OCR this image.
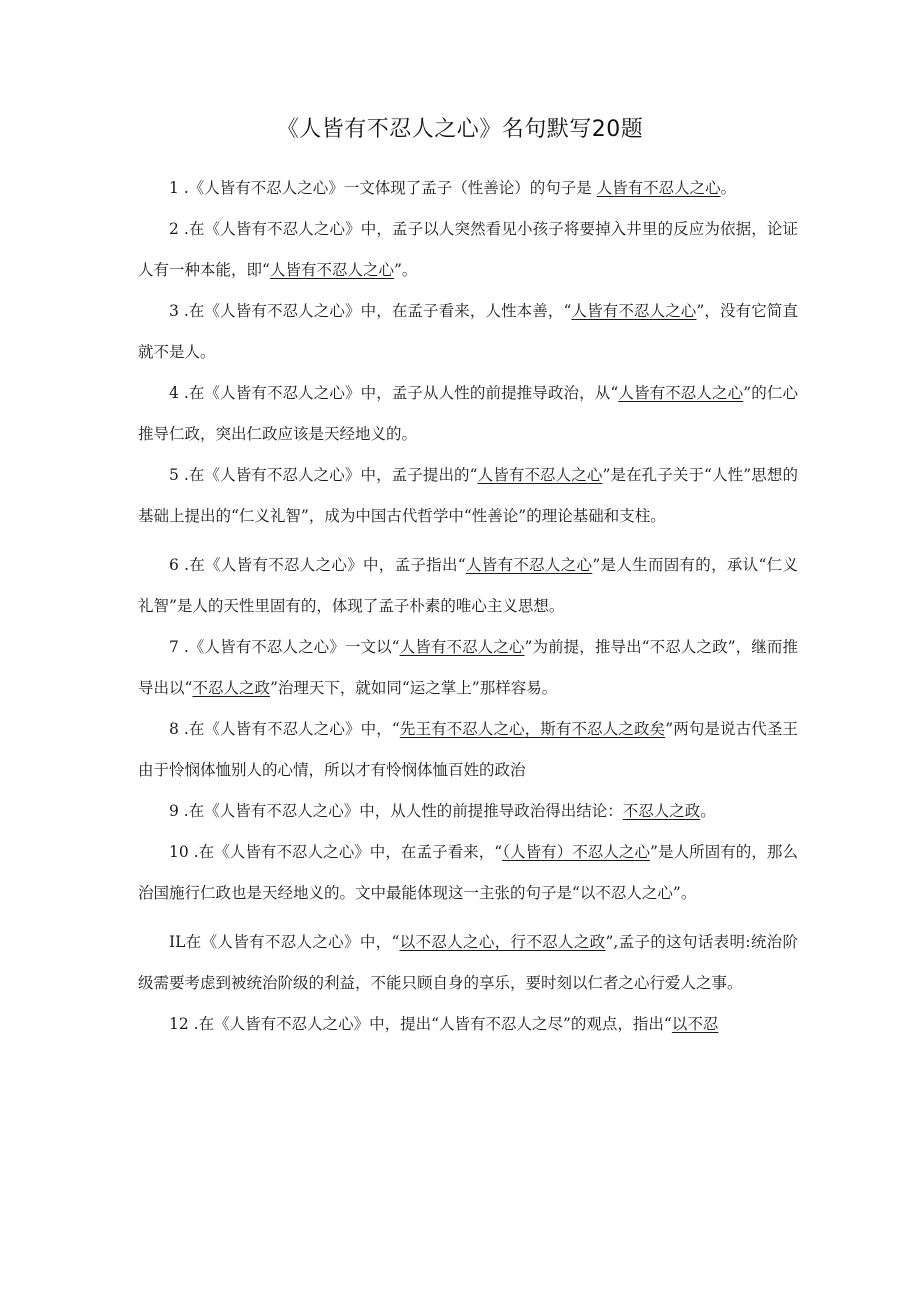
《人皆有不忍人之心》名句默写20题

1 .《人皆有不忍人之心》一文体现了孟子（性善论）的句子是 人皆有不忍人之心。

2 .在《人皆有不忍人之心》中，孟子以人突然看见小孩子将要掉入井里的反应为依据，论证人有一种本能，即“人皆有不忍人之心”。

3 .在《人皆有不忍人之心》中，在孟子看来，人性本善，“人皆有不忍人之心”，没有它简直就不是人。

4 .在《人皆有不忍人之心》中，孟子从人性的前提推导政治，从“人皆有不忍人之心”的仁心推导仁政，突出仁政应该是天经地义的。

5 .在《人皆有不忍人之心》中，孟子提出的“人皆有不忍人之心”是在孔子关于“人性”思想的基础上提出的“仁义礼智”，成为中国古代哲学中“性善论”的理论基础和支柱。

6 .在《人皆有不忍人之心》中，孟子指出“人皆有不忍人之心”是人生而固有的，承认“仁义礼智”是人的天性里固有的，体现了孟子朴素的唯心主义思想。

7 .《人皆有不忍人之心》一文以“人皆有不忍人之心”为前提，推导出“不忍人之政”，继而推导出以“不忍人之政”治理天下，就如同“运之掌上”那样容易。

8 .在《人皆有不忍人之心》中，“先王有不忍人之心，斯有不忍人之政矣”两句是说古代圣王由于怜悯体恤别人的心情，所以才有怜悯体恤百姓的政治

9 .在《人皆有不忍人之心》中，从人性的前提推导政治得出结论：不忍人之政。

10 .在《人皆有不忍人之心》中，在孟子看来，“（人皆有）不忍人之心”是人所固有的，那么治国施行仁政也是天经地义的。文中最能体现这一主张的句子是“以不忍人之心”。

IL在《人皆有不忍人之心》中，“以不忍人之心，行不忍人之政”,孟子的这句话表明:统治阶级需要考虑到被统治阶级的利益，不能只顾自身的享乐，要时刻以仁者之心行爱人之事。

12 .在《人皆有不忍人之心》中，提出“人皆有不忍人之尽”的观点，指出“以不忍
